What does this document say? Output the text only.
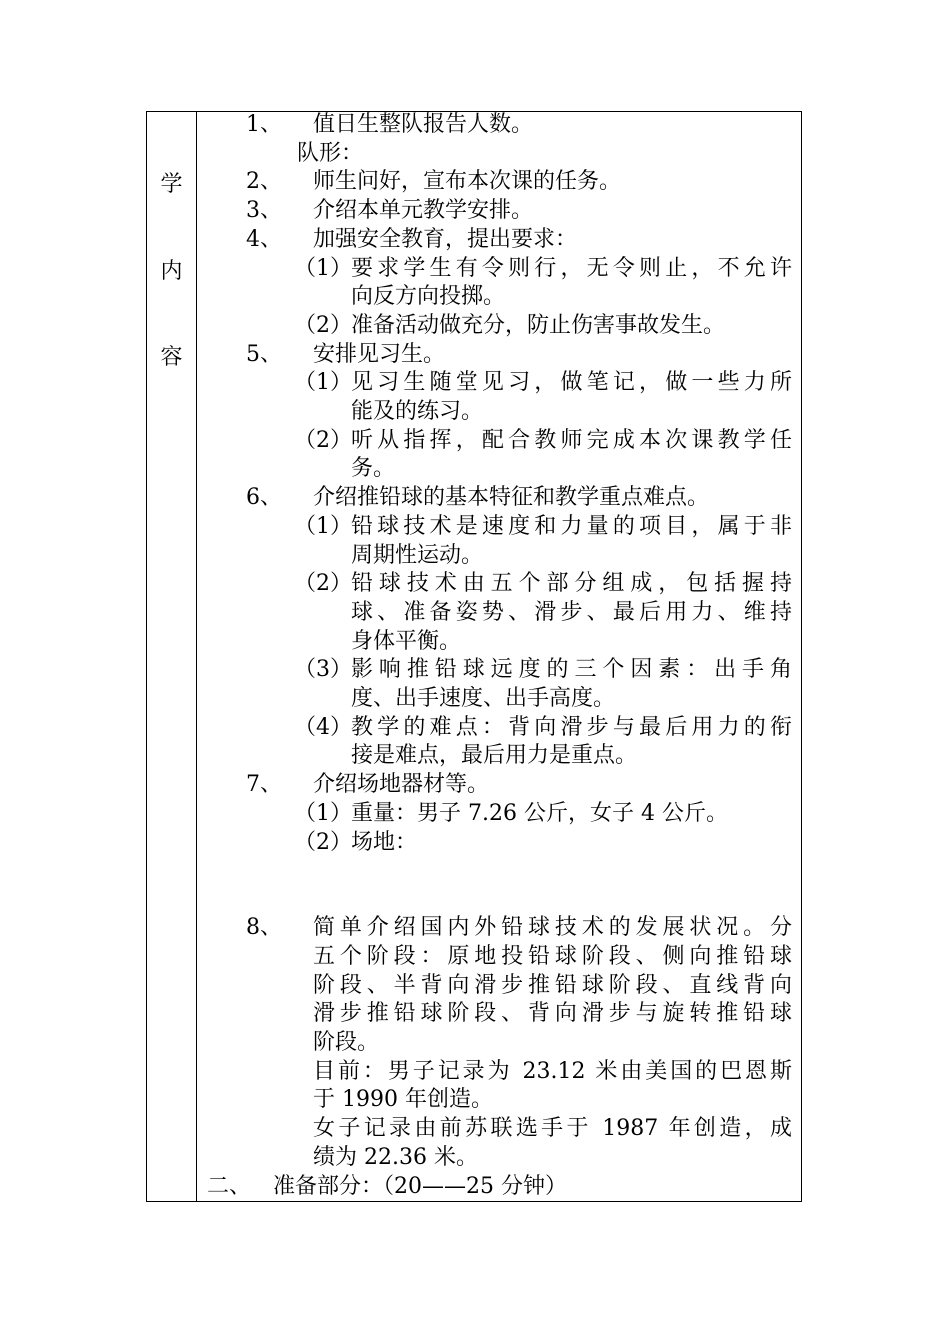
学
内
容
1、 值日生整队报告人数。
队形：
2、 师生问好，宣布本次课的任务。
3、 介绍本单元教学安排。
4、 加强安全教育，提出要求：
（1） 要求学生有令则行，无令则止，不允许
向反方向投掷。
（2） 准备活动做充分，防止伤害事故发生。
5、 安排见习生。
（1） 见习生随堂见习，做笔记，做一些力所
能及的练习。
（2） 听从指挥，配合教师完成本次课教学任
务。
6、 介绍推铅球的基本特征和教学重点难点。
（1） 铅球技术是速度和力量的项目，属于非
周期性运动。
（2） 铅球技术由五个部分组成，包括握持
球、准备姿势、滑步、最后用力、维持
身体平衡。
（3） 影响推铅球远度的三个因素：出手角
度、出手速度、出手高度。
（4） 教学的难点：背向滑步与最后用力的衔
接是难点，最后用力是重点。
7、 介绍场地器材等。
（1） 重量：男子 7.26 公斤，女子 4 公斤。
（2） 场地：
8、 简单介绍国内外铅球技术的发展状况。分
五个阶段：原地投铅球阶段、侧向推铅球
阶段、半背向滑步推铅球阶段、直线背向
滑步推铅球阶段、背向滑步与旋转推铅球
阶段。
目前：男子记录为 23.12 米由美国的巴恩斯
于 1990 年创造。
女子记录由前苏联选手于 1987 年创造，成
绩为 22.36 米。
二、 准备部分：（20——25 分钟）
